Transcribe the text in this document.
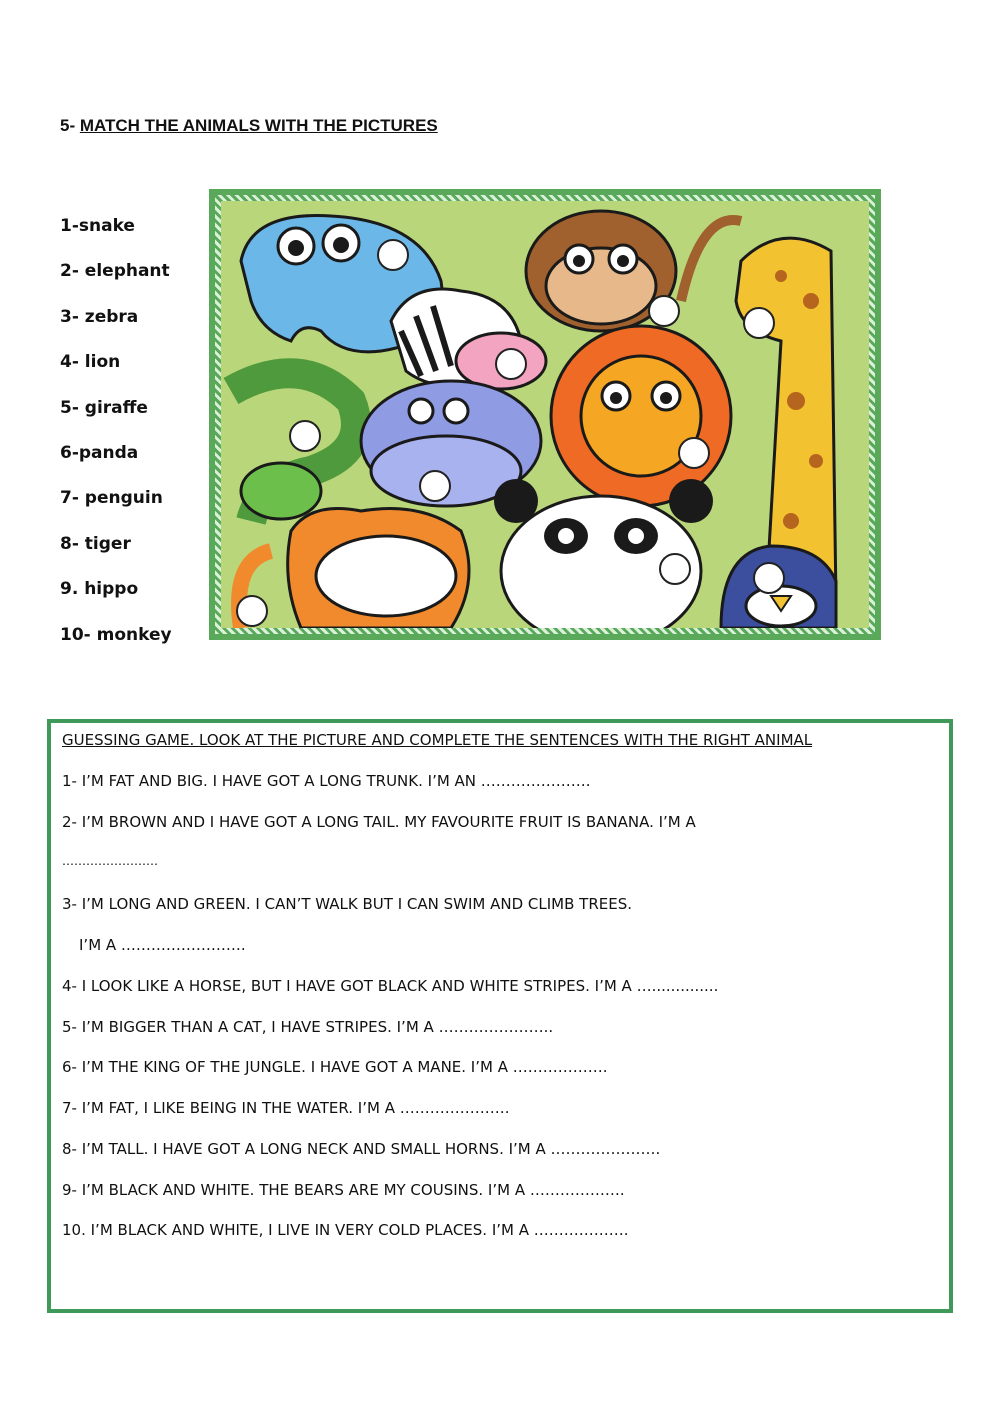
5- MATCH THE ANIMALS WITH THE PICTURES
1-snake
2- elephant
3- zebra
4- lion
5- giraffe
6-panda
7- penguin
8- tiger
9. hippo
10- monkey
GUESSING GAME. LOOK AT THE PICTURE AND COMPLETE THE SENTENCES WITH THE RIGHT ANIMAL
1- I’M FAT AND BIG. I HAVE GOT A LONG TRUNK. I’M AN ………………….
2- I’M BROWN AND I HAVE GOT A LONG TAIL. MY FAVOURITE FRUIT IS BANANA. I’M A
……………………
3- I’M LONG AND GREEN. I CAN’T WALK BUT I CAN SWIM AND CLIMB TREES.
I’M A …………………….
4- I LOOK LIKE A HORSE, BUT I HAVE GOT BLACK AND WHITE STRIPES. I’M A …..............
5- I’M BIGGER THAN A CAT, I HAVE STRIPES. I’M A …………………..
6- I’M THE KING OF THE JUNGLE. I HAVE GOT A MANE. I’M A ……………….
7- I’M FAT, I LIKE BEING IN THE WATER. I’M A ………………….
8- I’M TALL. I HAVE GOT A LONG NECK AND SMALL HORNS. I’M A ………………….
9- I’M BLACK AND WHITE. THE BEARS ARE MY COUSINS. I’M A ……………….
10. I’M BLACK AND WHITE, I LIVE IN VERY COLD PLACES. I’M A ……………….
